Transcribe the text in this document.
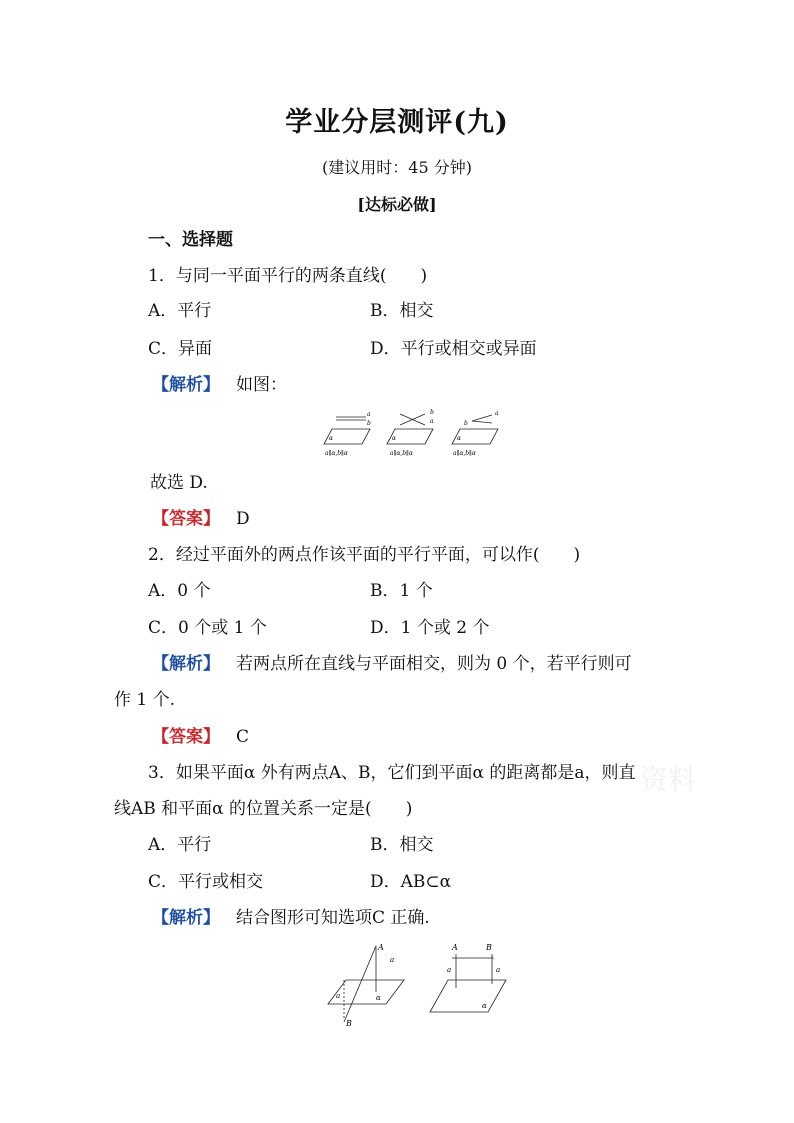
学业分层测评(九)
(建议用时：45 分钟)
[达标必做]
一、选择题
1．与同一平面平行的两条直线(　　)
A．平行	B．相交
C．异面	D．平行或相交或异面
【解析】 如图：
a
b
α
a∥α,b∥α
b
a
α
a∥α,b∥α
a
b
α
a∥α,b∥α
故选 D.
【答案】 D
2．经过平面外的两点作该平面的平行平面，可以作(　　)
A．0 个	B．1 个
C．0 个或 1 个	D．1 个或 2 个
【解析】 若两点所在直线与平面相交，则为 0 个，若平行则可
作 1 个.
【答案】 C
3．如果平面α 外有两点A、B，它们到平面α 的距离都是a，则直
线AB 和平面α 的位置关系一定是(　　)
A．平行	B．相交
C．平行或相交	D．AB⊂α
【解析】 结合图形可知选项C 正确.
A
B
a
a	α
A	B
a	a
α
资料
